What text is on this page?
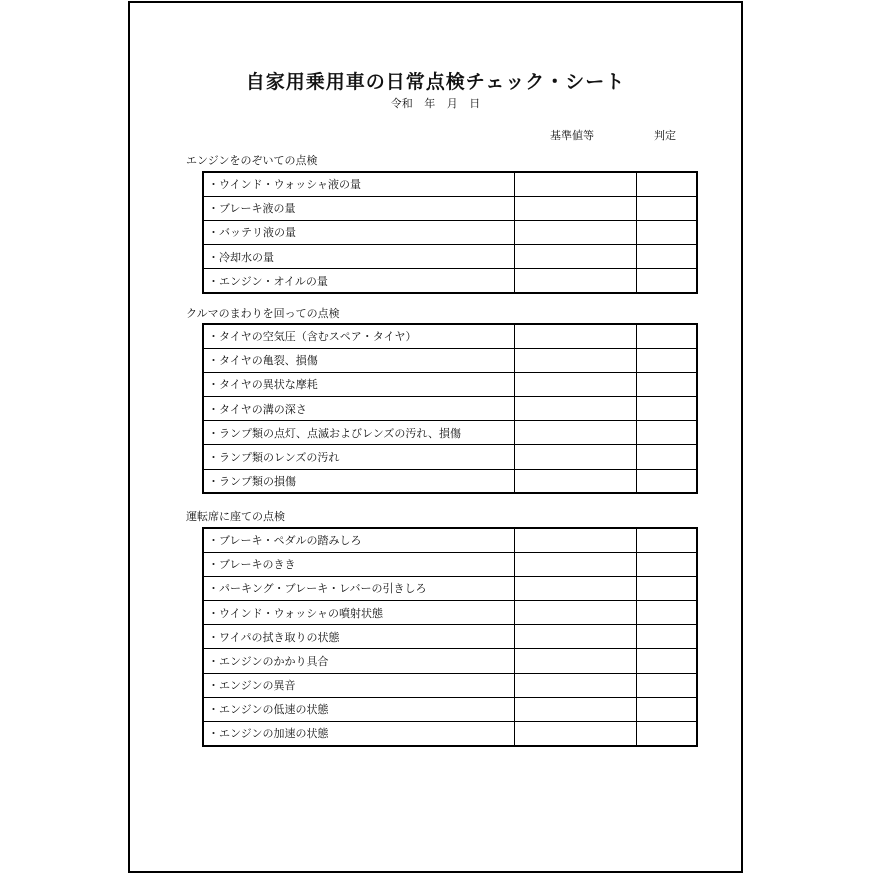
自家用乗用車の日常点検チェック・シート
令和 年 月 日
基準値等	判定
エンジンをのぞいての点検
・ウインド・ウォッシャ液の量		
・ブレーキ液の量		
・バッテリ液の量		
・冷却水の量		
・エンジン・オイルの量		
クルマのまわりを回っての点検
・タイヤの空気圧（含むスペア・タイヤ）		
・タイヤの亀裂、損傷		
・タイヤの異状な摩耗		
・タイヤの溝の深さ		
・ランプ類の点灯、点滅およびレンズの汚れ、損傷		
・ランプ類のレンズの汚れ		
・ランプ類の損傷		
運転席に座ての点検
・ブレーキ・ペダルの踏みしろ		
・ブレーキのきき		
・パーキング・ブレーキ・レバーの引きしろ		
・ウインド・ウォッシャの噴射状態		
・ワイパの拭き取りの状態		
・エンジンのかかり具合		
・エンジンの異音		
・エンジンの低速の状態		
・エンジンの加速の状態		
